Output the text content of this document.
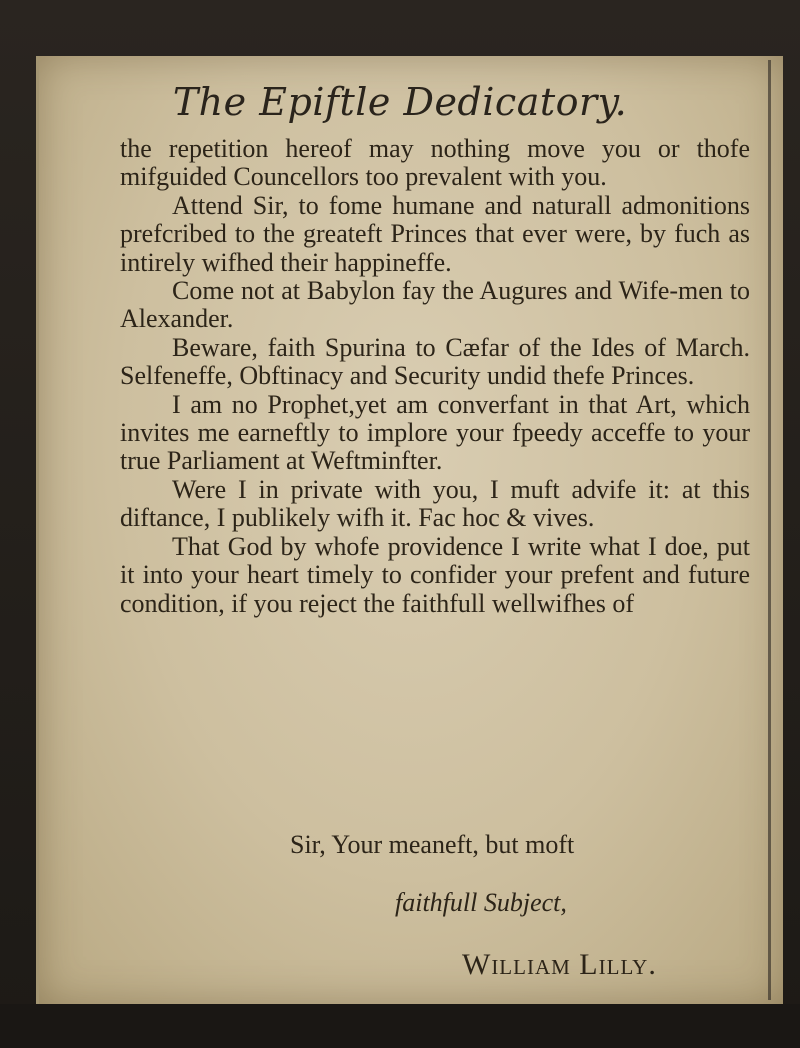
The Epiftle Dedicatory.

the repetition hereof may nothing move you or thofe mifguided Councellors too prevalent with you.

Attend Sir, to fome humane and naturall admonitions prefcribed to the greateft Princes that ever were, by fuch as intirely wifhed their happineffe.

Come not at Babylon fay the Augures and Wife-men to Alexander.

Beware, faith Spurina to Cæfar of the Ides of March. Selfeneffe, Obftinacy and Security undid thefe Princes.

I am no Prophet,yet am converfant in that Art, which invites me earneftly to implore your fpeedy acceffe to your true Parliament at Weftminfter.

Were I in private with you, I muft advife it: at this diftance, I publikely wifh it. Fac hoc & vives.

That God by whofe providence I write what I doe, put it into your heart timely to confider your prefent and future condition, if you reject the faithfull wellwifhes of

Sir, Your meaneft, but moft
faithfull Subject,
William Lilly.
